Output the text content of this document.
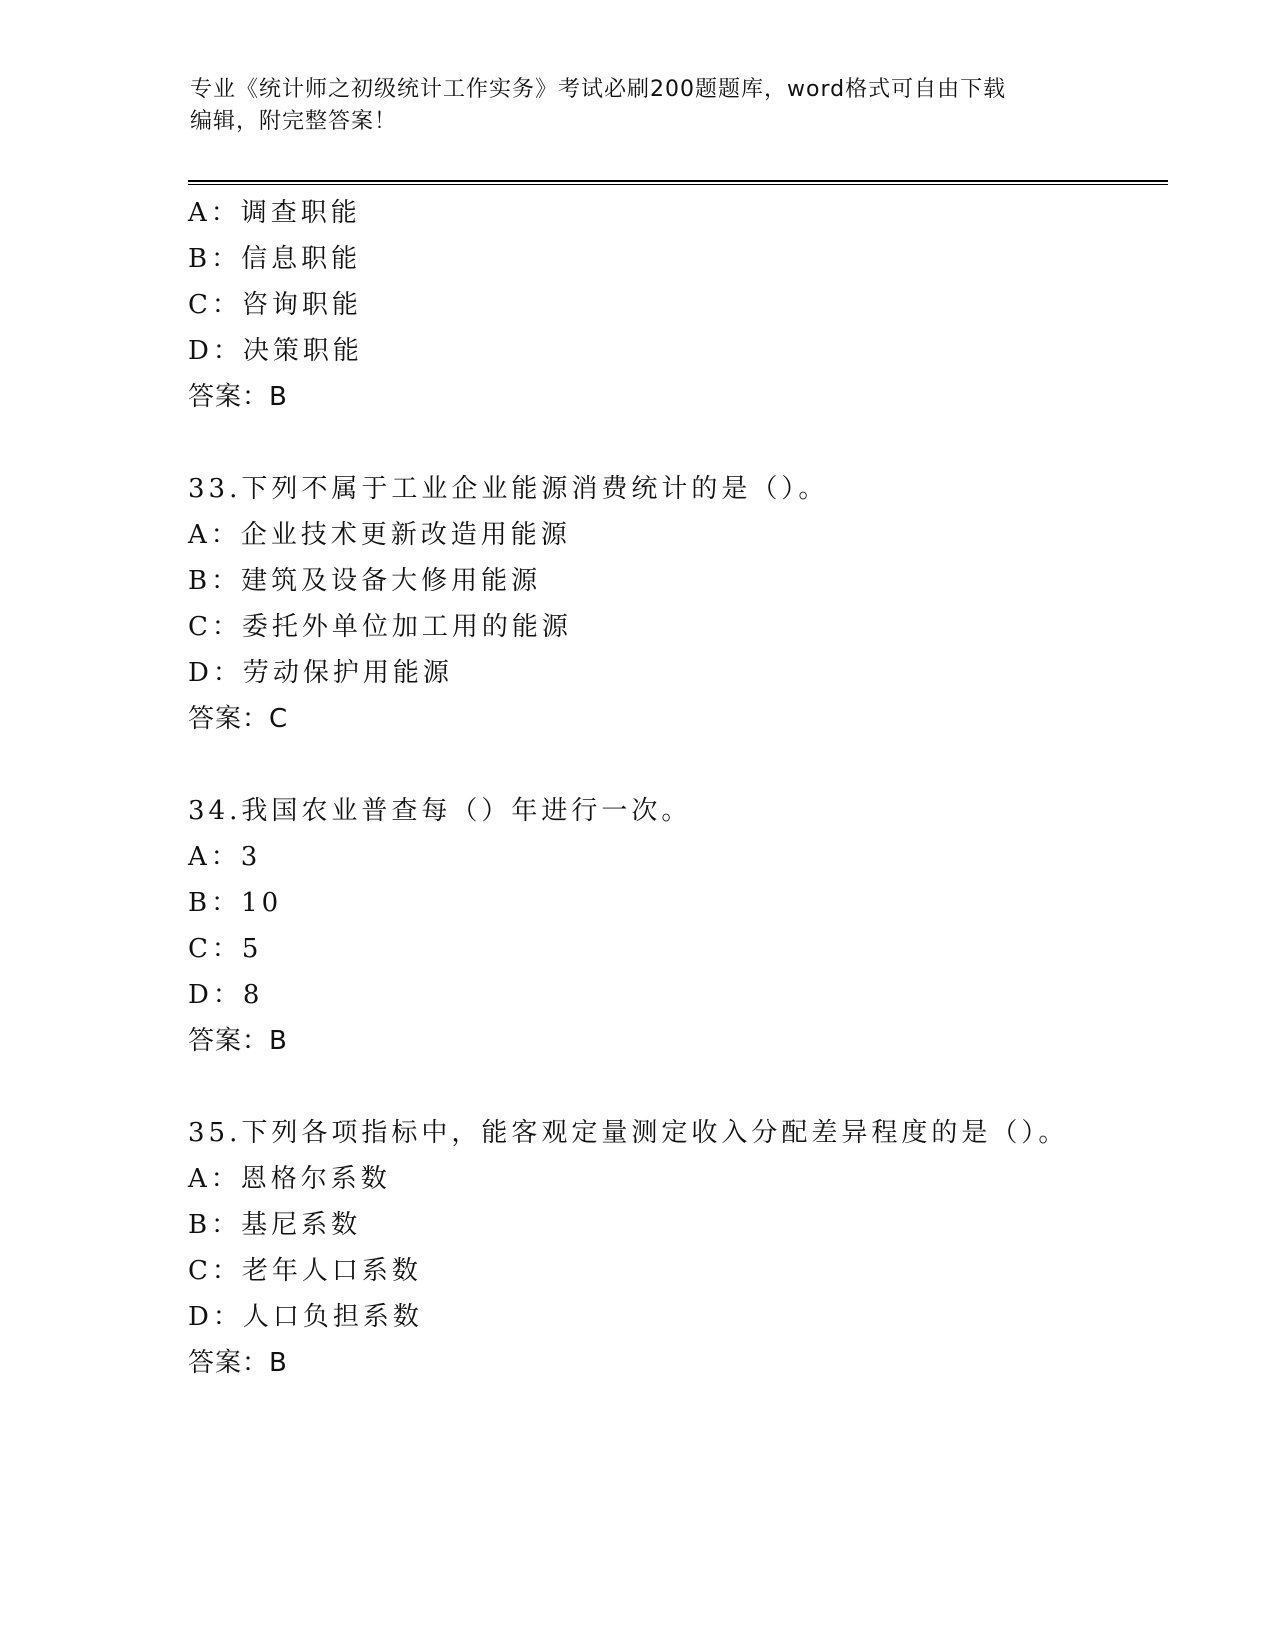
专业《统计师之初级统计工作实务》考试必刷200题题库，word格式可自由下载
编辑，附完整答案！
A：调查职能
B：信息职能
C：咨询职能
D：决策职能
答案：B
33.下列不属于工业企业能源消费统计的是（）。
A：企业技术更新改造用能源
B：建筑及设备大修用能源
C：委托外单位加工用的能源
D：劳动保护用能源
答案：C
34.我国农业普查每（）年进行一次。
A：3
B：10
C：5
D：8
答案：B
35.下列各项指标中，能客观定量测定收入分配差异程度的是（）。
A：恩格尔系数
B：基尼系数
C：老年人口系数
D：人口负担系数
答案：B
